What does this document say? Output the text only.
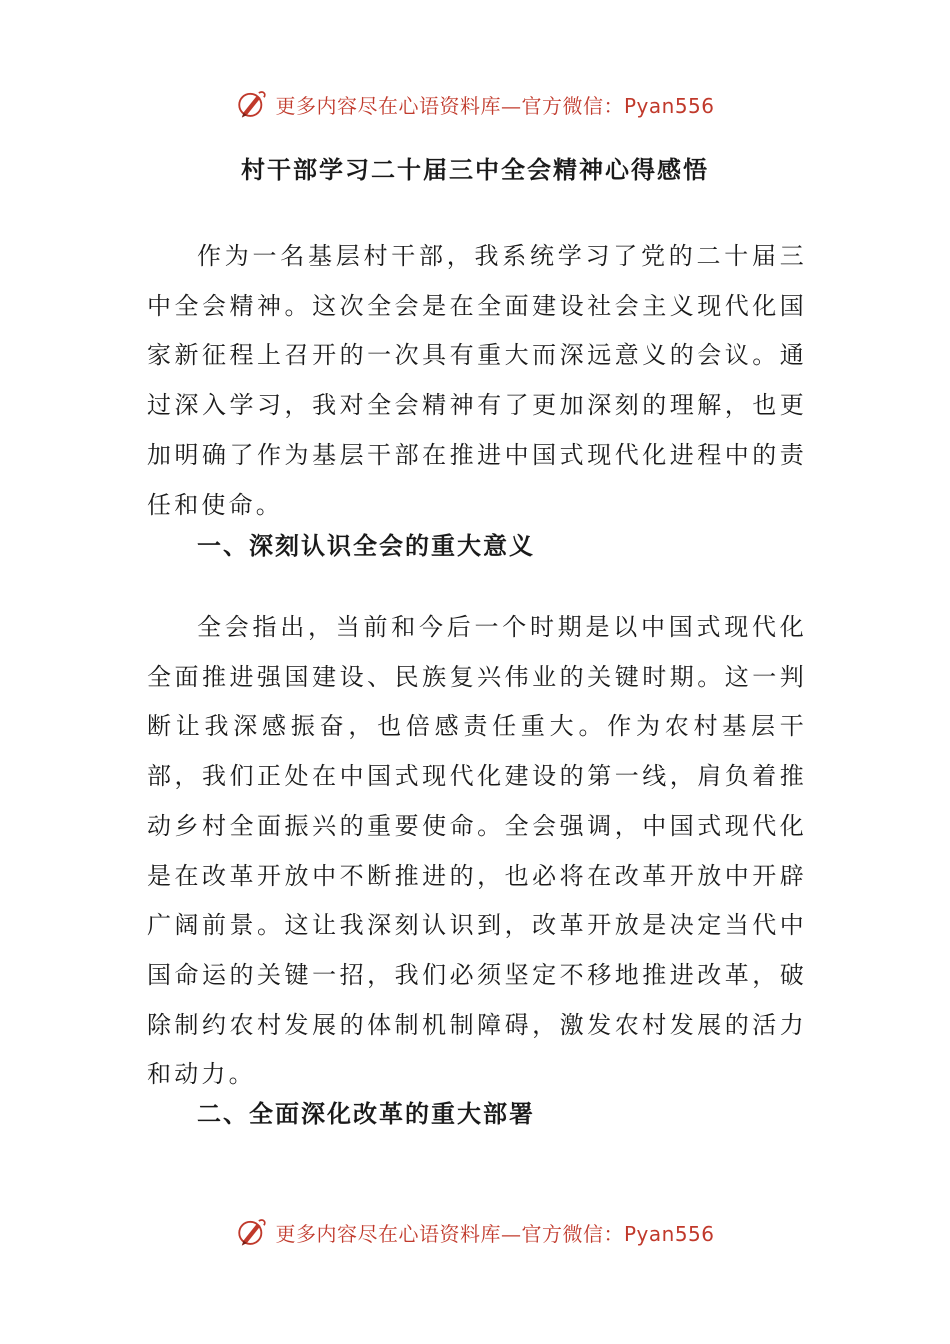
更多内容尽在心语资料库—官方微信：Pyan556
村干部学习二十届三中全会精神心得感悟

作为一名基层村干部，我系统学习了党的二十届三中全会精神。这次全会是在全面建设社会主义现代化国家新征程上召开的一次具有重大而深远意义的会议。通过深入学习，我对全会精神有了更加深刻的理解，也更加明确了作为基层干部在推进中国式现代化进程中的责任和使命。

一、深刻认识全会的重大意义

全会指出，当前和今后一个时期是以中国式现代化全面推进强国建设、民族复兴伟业的关键时期。这一判断让我深感振奋，也倍感责任重大。作为农村基层干部，我们正处在中国式现代化建设的第一线，肩负着推动乡村全面振兴的重要使命。全会强调，中国式现代化是在改革开放中不断推进的，也必将在改革开放中开辟广阔前景。这让我深刻认识到，改革开放是决定当代中国命运的关键一招，我们必须坚定不移地推进改革，破除制约农村发展的体制机制障碍，激发农村发展的活力和动力。

二、全面深化改革的重大部署
更多内容尽在心语资料库—官方微信：Pyan556
